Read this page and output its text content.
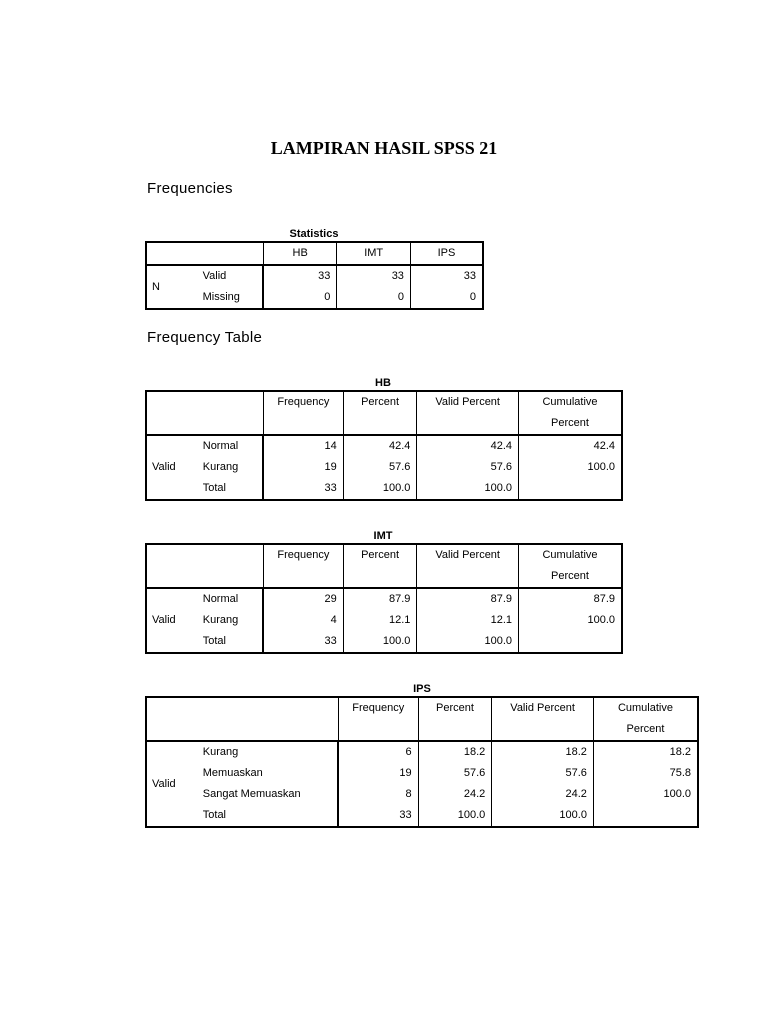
LAMPIRAN HASIL SPSS 21
Frequencies
Statistics
		HB	IMT	IPS
N	Valid	33	33	33
	Missing	0	0	0
Frequency Table
HB
		Frequency	Percent	Valid Percent	Cumulative
Percent
Valid	Normal	14	42.4	42.4	42.4
	Kurang	19	57.6	57.6	100.0
	Total	33	100.0	100.0	
IMT
		Frequency	Percent	Valid Percent	Cumulative
Percent
Valid	Normal	29	87.9	87.9	87.9
	Kurang	4	12.1	12.1	100.0
	Total	33	100.0	100.0	
IPS
		Frequency	Percent	Valid Percent	Cumulative
Percent
Valid	Kurang	6	18.2	18.2	18.2
	Memuaskan	19	57.6	57.6	75.8
	Sangat Memuaskan	8	24.2	24.2	100.0
	Total	33	100.0	100.0	
